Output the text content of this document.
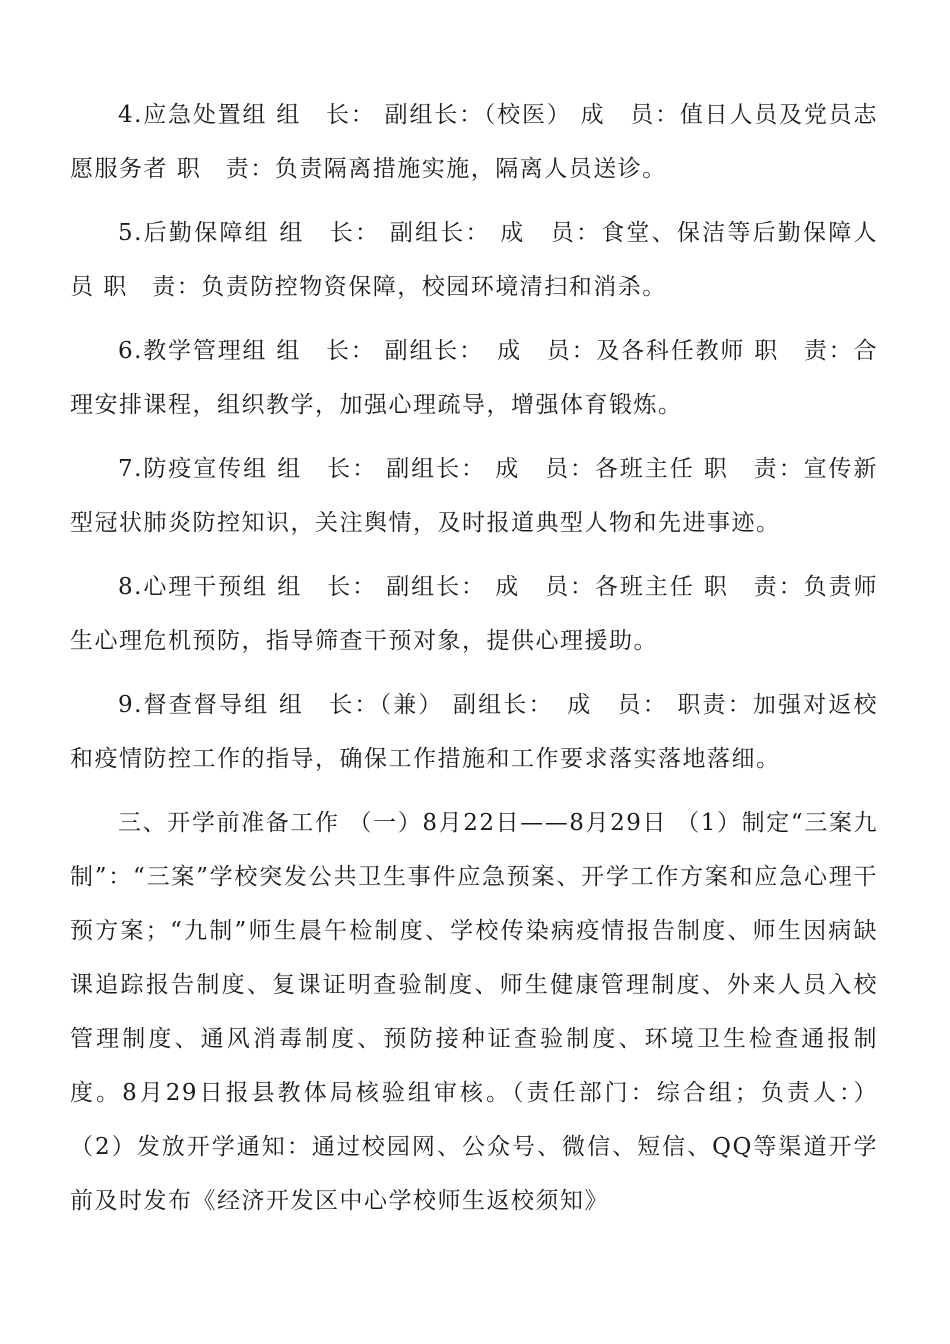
4.应急处置组 组　长： 副组长：（校医） 成　员：值日人员及党员志愿服务者 职　责：负责隔离措施实施，隔离人员送诊。

5.后勤保障组 组　长： 副组长： 成　员：食堂、保洁等后勤保障人员 职　责：负责防控物资保障，校园环境清扫和消杀。

6.教学管理组 组　长： 副组长：　成　员：及各科任教师 职　责：合理安排课程，组织教学，加强心理疏导，增强体育锻炼。

7.防疫宣传组 组　长： 副组长： 成　员：各班主任 职　责：宣传新型冠状肺炎防控知识，关注舆情，及时报道典型人物和先进事迹。

8.心理干预组 组　长： 副组长： 成　员：各班主任 职　责：负责师生心理危机预防，指导筛查干预对象，提供心理援助。

9.督查督导组 组　长：（兼） 副组长：　成　员： 职责：加强对返校和疫情防控工作的指导，确保工作措施和工作要求落实落地落细。

三、开学前准备工作 （一）8月22日——8月29日 （1）制定“三案九制”：“三案”学校突发公共卫生事件应急预案、开学工作方案和应急心理干预方案；“九制”师生晨午检制度、学校传染病疫情报告制度、师生因病缺课追踪报告制度、复课证明查验制度、师生健康管理制度、外来人员入校管理制度、通风消毒制度、预防接种证查验制度、环境卫生检查通报制度。8月29日报县教体局核验组审核。（责任部门：综合组；负责人：） （2）发放开学通知：通过校园网、公众号、微信、短信、QQ等渠道开学前及时发布《经济开发区中心学校师生返校须知》
